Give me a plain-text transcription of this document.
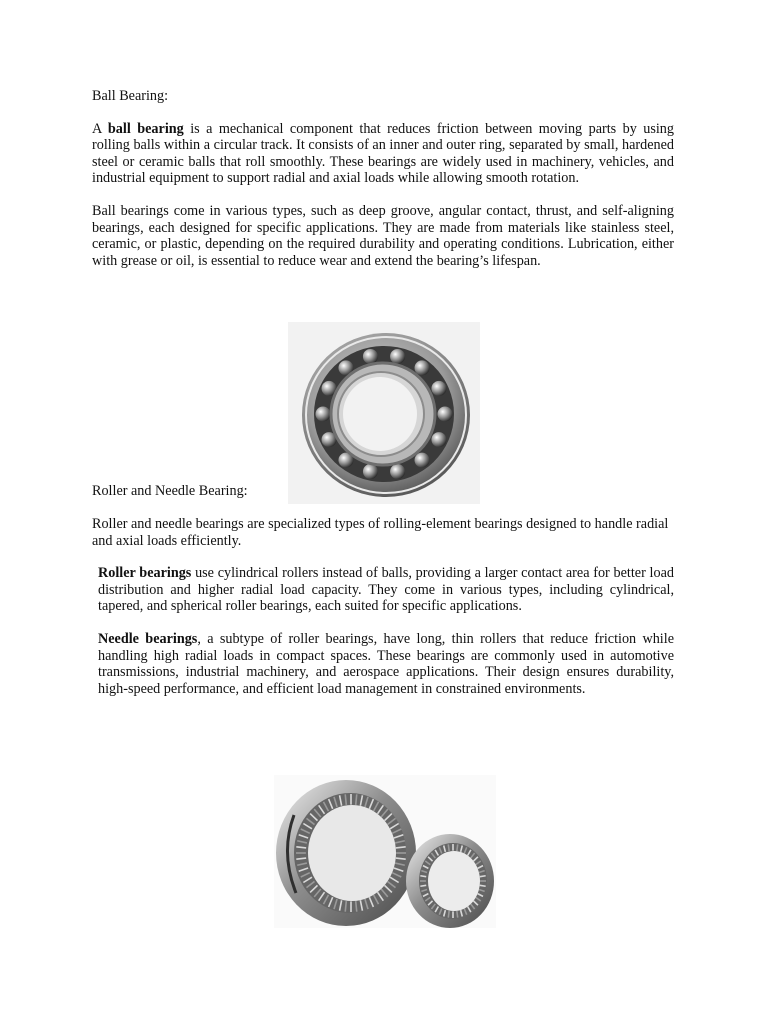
Ball Bearing:

A ball bearing is a mechanical component that reduces friction between moving parts by using rolling balls within a circular track. It consists of an inner and outer ring, separated by small, hardened steel or ceramic balls that roll smoothly. These bearings are widely used in machinery, vehicles, and industrial equipment to support radial and axial loads while allowing smooth rotation.

Ball bearings come in various types, such as deep groove, angular contact, thrust, and self-aligning bearings, each designed for specific applications. They are made from materials like stainless steel, ceramic, or plastic, depending on the required durability and operating conditions. Lubrication, either with grease or oil, is essential to reduce wear and extend the bearing’s lifespan.

Roller and Needle Bearing:

Roller and needle bearings are specialized types of rolling-element bearings designed to handle radial and axial loads efficiently.

Roller bearings use cylindrical rollers instead of balls, providing a larger contact area for better load distribution and higher radial load capacity. They come in various types, including cylindrical, tapered, and spherical roller bearings, each suited for specific applications.

Needle bearings, a subtype of roller bearings, have long, thin rollers that reduce friction while handling high radial loads in compact spaces. These bearings are commonly used in automotive transmissions, industrial machinery, and aerospace applications. Their design ensures durability, high-speed performance, and efficient load management in constrained environments.
